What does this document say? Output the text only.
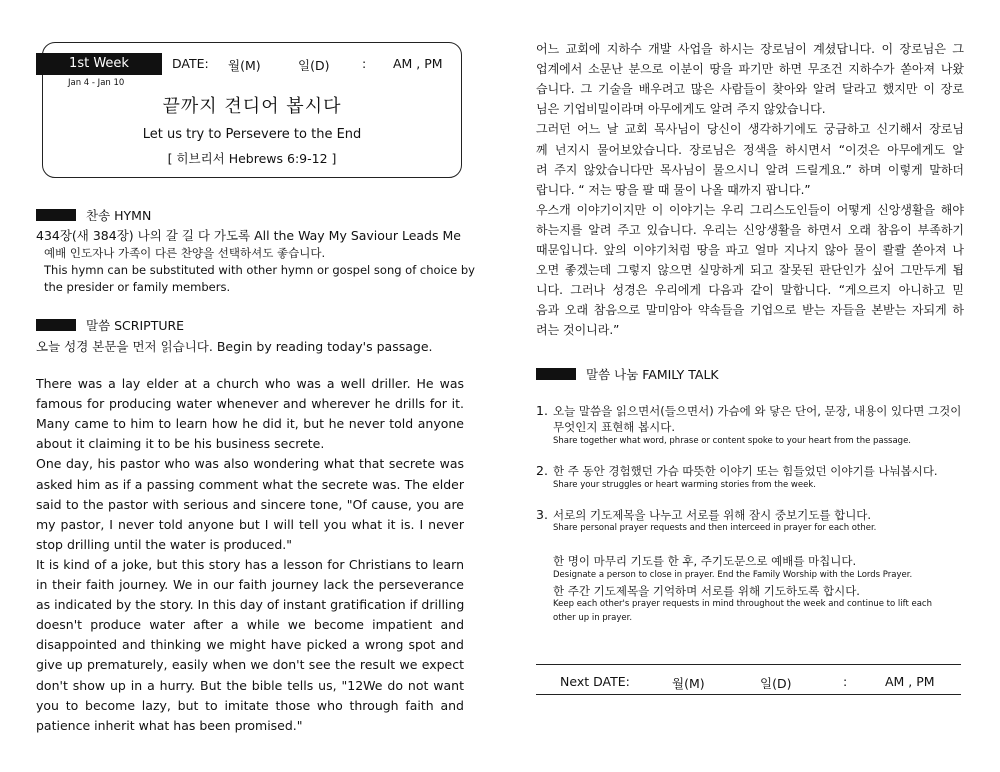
1st Week	DATE: 월(M)	일(D)	: AM , PM
Jan 4 - Jan 10
끝까지 견디어 봅시다
Let us try to Persevere to the End
[ 히브리서 Hebrews 6:9-12 ]
찬송 HYMN
434장(새 384장) 나의 갈 길 다 가도록 All the Way My Saviour Leads Me
예배 인도자나 가족이 다른 찬양을 선택하셔도 좋습니다.
This hymn can be substituted with other hymn or gospel song of choice by
the presider or family members.
말씀 SCRIPTURE
오늘 성경 본문을 먼저 읽습니다. Begin by reading today's passage.
There was a lay elder at a church who was a well driller. He was
famous for producing water whenever and wherever he drills for it.
Many came to him to learn how he did it, but he never told anyone
about it claiming it to be his business secrete.
One day, his pastor who was also wondering what that secrete was
asked him as if a passing comment what the secrete was. The elder
said to the pastor with serious and sincere tone, "Of cause, you are
my pastor, I never told anyone but I will tell you what it is. I never
stop drilling until the water is produced."
It is kind of a joke, but this story has a lesson for Christians to learn
in their faith journey. We in our faith journey lack the perseverance
as indicated by the story. In this day of instant gratification if drilling
doesn't produce water after a while we become impatient and
disappointed and thinking we might have picked a wrong spot and
give up prematurely, easily when we don't see the result we expect
don't show up in a hurry. But the bible tells us, "12We do not want
you to become lazy, but to imitate those who through faith and
patience inherit what has been promised."
어느 교회에 지하수 개발 사업을 하시는 장로님이 계셨답니다. 이 장로님은 그
업계에서 소문난 분으로 이분이 땅을 파기만 하면 무조건 지하수가 쏟아져 나왔
습니다. 그 기술을 배우려고 많은 사람들이 찾아와 알려 달라고 했지만 이 장로
님은 기업비밀이라며 아무에게도 알려 주지 않았습니다.
그러던 어느 날 교회 목사님이 당신이 생각하기에도 궁금하고 신기해서 장로님
께 넌지시 물어보았습니다. 장로님은 정색을 하시면서 “이것은 아무에게도 알
려 주지 않았습니다만 목사님이 물으시니 알려 드릴게요.” 하며 이렇게 말하더
랍니다. “ 저는 땅을 팔 때 물이 나올 때까지 팝니다.”
우스개 이야기이지만 이 이야기는 우리 그리스도인들이 어떻게 신앙생활을 해야
하는지를 알려 주고 있습니다. 우리는 신앙생활을 하면서 오래 참음이 부족하기
때문입니다. 앞의 이야기처럼 땅을 파고 얼마 지나지 않아 물이 콸콸 쏟아져 나
오면 좋겠는데 그렇지 않으면 실망하게 되고 잘못된 판단인가 싶어 그만두게 됩
니다. 그러나 성경은 우리에게 다음과 같이 말합니다. “게으르지 아니하고 믿
음과 오래 참음으로 말미암아 약속들을 기업으로 받는 자들을 본받는 자되게 하
려는 것이니라.”
말씀 나눔 FAMILY TALK
1. 오늘 말씀을 읽으면서(들으면서) 가슴에 와 닿은 단어, 문장, 내용이 있다면 그것이
무엇인지 표현해 봅시다.
Share together what word, phrase or content spoke to your heart from the passage.
2. 한 주 동안 경험했던 가슴 따뜻한 이야기 또는 힘들었던 이야기를 나눠봅시다.
Share your struggles or heart warming stories from the week.
3. 서로의 기도제목을 나누고 서로를 위해 잠시 중보기도를 합니다.
Share personal prayer requests and then interceed in prayer for each other.
한 명이 마무리 기도를 한 후, 주기도문으로 예배를 마칩니다.
Designate a person to close in prayer. End the Family Worship with the Lords Prayer.
한 주간 기도제목을 기억하며 서로를 위해 기도하도록 합시다.
Keep each other's prayer requests in mind throughout the week and continue to lift each
other up in prayer.
Next DATE:	월(M)	일(D)	:	AM , PM
